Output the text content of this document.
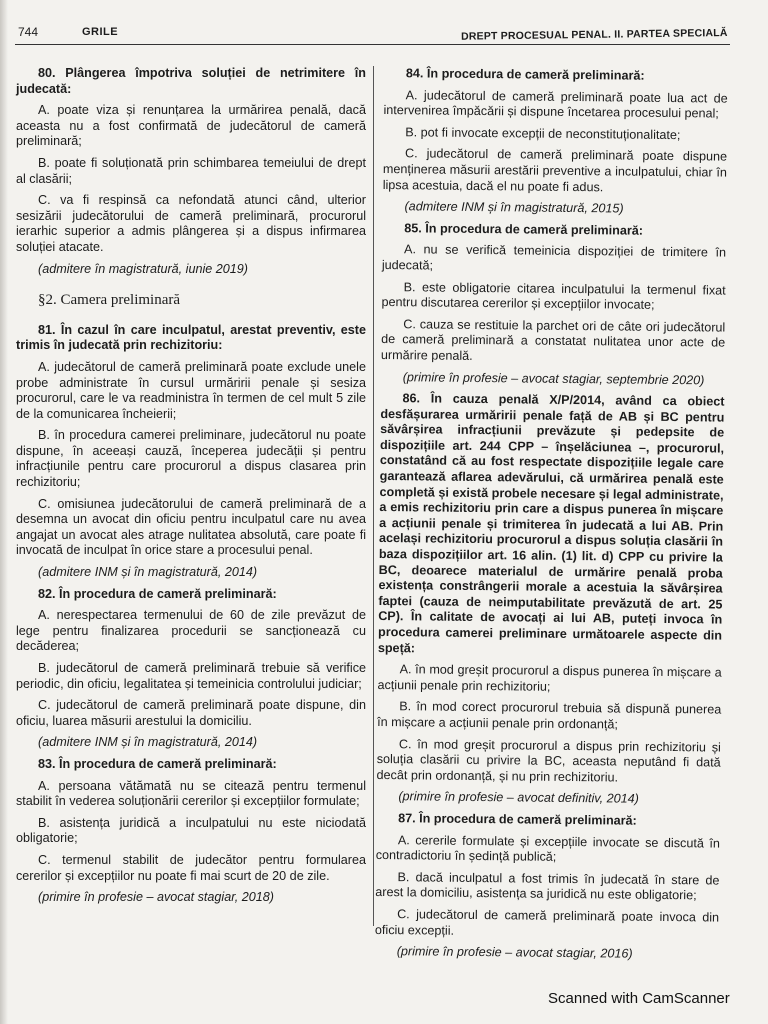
744	GRILE	DREPT PROCESUAL PENAL. II. PARTEA SPECIALĂ

80. Plângerea împotriva soluției de netrimitere în judecată:

A. poate viza și renunțarea la urmărirea penală, dacă aceasta nu a fost confirmată de judecătorul de cameră preliminară;

B. poate fi soluționată prin schimbarea temeiului de drept al clasării;

C. va fi respinsă ca nefondată atunci când, ulterior sesizării judecătorului de cameră preliminară, procurorul ierarhic superior a admis plângerea și a dispus infirmarea soluției atacate.

(admitere în magistratură, iunie 2019)

§2. Camera preliminară

81. În cazul în care inculpatul, arestat preventiv, este trimis în judecată prin rechizitoriu:

A. judecătorul de cameră preliminară poate exclude unele probe administrate în cursul urmăririi penale și sesiza procurorul, care le va readministra în termen de cel mult 5 zile de la comunicarea încheierii;

B. în procedura camerei preliminare, judecătorul nu poate dispune, în aceeași cauză, începerea judecății și pentru infracțiunile pentru care procurorul a dispus clasarea prin rechizitoriu;

C. omisiunea judecătorului de cameră preliminară de a desemna un avocat din oficiu pentru inculpatul care nu avea angajat un avocat ales atrage nulitatea absolută, care poate fi invocată de inculpat în orice stare a procesului penal.

(admitere INM și în magistratură, 2014)

82. În procedura de cameră preliminară:

A. nerespectarea termenului de 60 de zile prevăzut de lege pentru finalizarea procedurii se sancționează cu decăderea;

B. judecătorul de cameră preliminară trebuie să verifice periodic, din oficiu, legalitatea și temeinicia controlului judiciar;

C. judecătorul de cameră preliminară poate dispune, din oficiu, luarea măsurii arestului la domiciliu.

(admitere INM și în magistratură, 2014)

83. În procedura de cameră preliminară:

A. persoana vătămată nu se citează pentru termenul stabilit în vederea soluționării cererilor și excepțiilor formulate;

B. asistența juridică a inculpatului nu este niciodată obligatorie;

C. termenul stabilit de judecător pentru formularea cererilor și excepțiilor nu poate fi mai scurt de 20 de zile.

(primire în profesie – avocat stagiar, 2018)

84. În procedura de cameră preliminară:

A. judecătorul de cameră preliminară poate lua act de intervenirea împăcării și dispune încetarea procesului penal;

B. pot fi invocate excepții de neconstituționalitate;

C. judecătorul de cameră preliminară poate dispune menținerea măsurii arestării preventive a inculpatului, chiar în lipsa acestuia, dacă el nu poate fi adus.

(admitere INM și în magistratură, 2015)

85. În procedura de cameră preliminară:

A. nu se verifică temeinicia dispoziției de trimitere în judecată;

B. este obligatorie citarea inculpatului la termenul fixat pentru discutarea cererilor și excepțiilor invocate;

C. cauza se restituie la parchet ori de câte ori judecătorul de cameră preliminară a constatat nulitatea unor acte de urmărire penală.

(primire în profesie – avocat stagiar, septembrie 2020)

86. În cauza penală X/P/2014, având ca obiect desfășurarea urmăririi penale față de AB și BC pentru săvârșirea infracțiunii prevăzute și pedepsite de dispozițiile art. 244 CPP – înșelăciunea –, procurorul, constatând că au fost respectate dispozițiile legale care garantează aflarea adevărului, că urmărirea penală este completă și există probele necesare și legal administrate, a emis rechizitoriu prin care a dispus punerea în mișcare a acțiunii penale și trimiterea în judecată a lui AB. Prin același rechizitoriu procurorul a dispus soluția clasării în baza dispozițiilor art. 16 alin. (1) lit. d) CPP cu privire la BC, deoarece materialul de urmărire penală proba existența constrângerii morale a acestuia la săvârșirea faptei (cauza de neimputabilitate prevăzută de art. 25 CP). În calitate de avocați ai lui AB, puteți invoca în procedura camerei preliminare următoarele aspecte din speță:

A. în mod greșit procurorul a dispus punerea în mișcare a acțiunii penale prin rechizitoriu;

B. în mod corect procurorul trebuia să dispună punerea în mișcare a acțiunii penale prin ordonanță;

C. în mod greșit procurorul a dispus prin rechizitoriu și soluția clasării cu privire la BC, aceasta neputând fi dată decât prin ordonanță, și nu prin rechizitoriu.

(primire în profesie – avocat definitiv, 2014)

87. În procedura de cameră preliminară:

A. cererile formulate și excepțiile invocate se discută în contradictoriu în ședință publică;

B. dacă inculpatul a fost trimis în judecată în stare de arest la domiciliu, asistența sa juridică nu este obligatorie;

C. judecătorul de cameră preliminară poate invoca din oficiu excepții.

(primire în profesie – avocat stagiar, 2016)

Scanned with CamScanner
